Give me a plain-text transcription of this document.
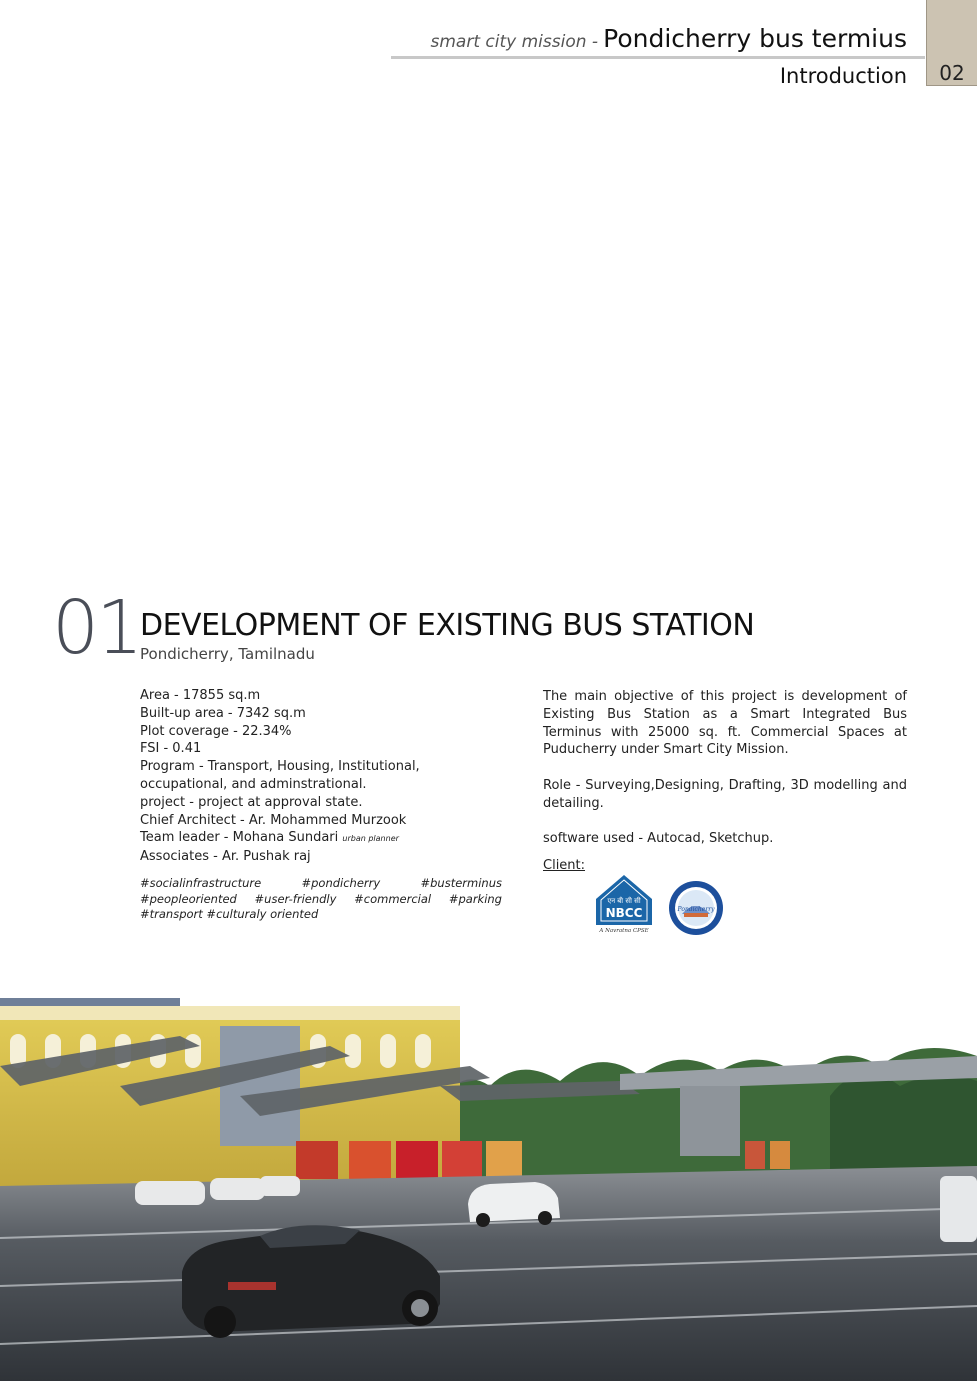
smart city mission - Pondicherry bus termius
Introduction	02
01 DEVELOPMENT OF EXISTING BUS STATION
Pondicherry, Tamilnadu
Area - 17855 sq.m
Built-up area - 7342 sq.m
Plot coverage - 22.34%
FSI - 0.41
Program - Transport, Housing, Institutional,
occupational, and adminstrational.
project - project at approval state.
Chief Architect - Ar. Mohammed Murzook
Team leader - Mohana Sundari urban planner
Associates - Ar. Pushak raj
#socialinfrastructure #pondicherry #busterminus
#peopleoriented #user-friendly #commercial #parking
#transport #culturaly oriented

The main objective of this project is development of Existing Bus Station as a Smart Integrated Bus Terminus with 25000 sq. ft. Commercial Spaces at Puducherry under Smart City Mission.

Role - Surveying,Designing, Drafting, 3D modelling and detailing.

software used - Autocad, Sketchup.

Client:
एन बी सी सी
NBCC
A Navratna CPSE
Pondicherry
